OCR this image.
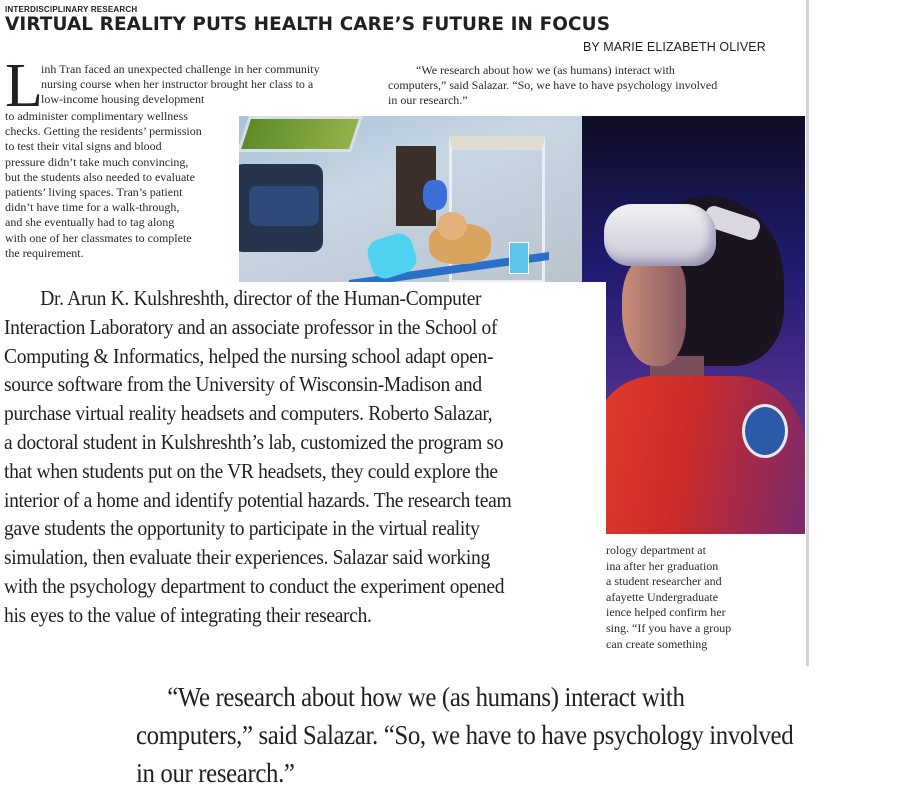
INTERDISCIPLINARY RESEARCH
VIRTUAL REALITY PUTS HEALTH CARE’S FUTURE IN FOCUS
BY MARIE ELIZABETH OLIVER
L
inh Tran faced an unexpected challenge in her community
nursing course when her instructor brought her class to a
low-income housing development
to administer complimentary wellness
checks. Getting the residents’ permission
to test their vital signs and blood
pressure didn’t take much convincing,
but the students also needed to evaluate
patients’ living spaces. Tran’s patient
didn’t have time for a walk-through,
and she eventually had to tag along
with one of her classmates to complete
the requirement.
“We research about how we (as humans) interact with
computers,” said Salazar. “So, we have to have psychology involved
in our research.”
rology department at
ina after her graduation
a student researcher and
afayette Undergraduate
ience helped confirm her
sing. “If you have a group
can create something
Dr. Arun K. Kulshreshth, director of the Human-Computer
Interaction Laboratory and an associate professor in the School of
Computing & Informatics, helped the nursing school adapt open-
source software from the University of Wisconsin-Madison and
purchase virtual reality headsets and computers. Roberto Salazar,
a doctoral student in Kulshreshth’s lab, customized the program so
that when students put on the VR headsets, they could explore the
interior of a home and identify potential hazards. The research team
gave students the opportunity to participate in the virtual reality
simulation, then evaluate their experiences. Salazar said working
with the psychology department to conduct the experiment opened
his eyes to the value of integrating their research.
“We research about how we (as humans) interact with
computers,” said Salazar. “So, we have to have psychology involved
in our research.”
